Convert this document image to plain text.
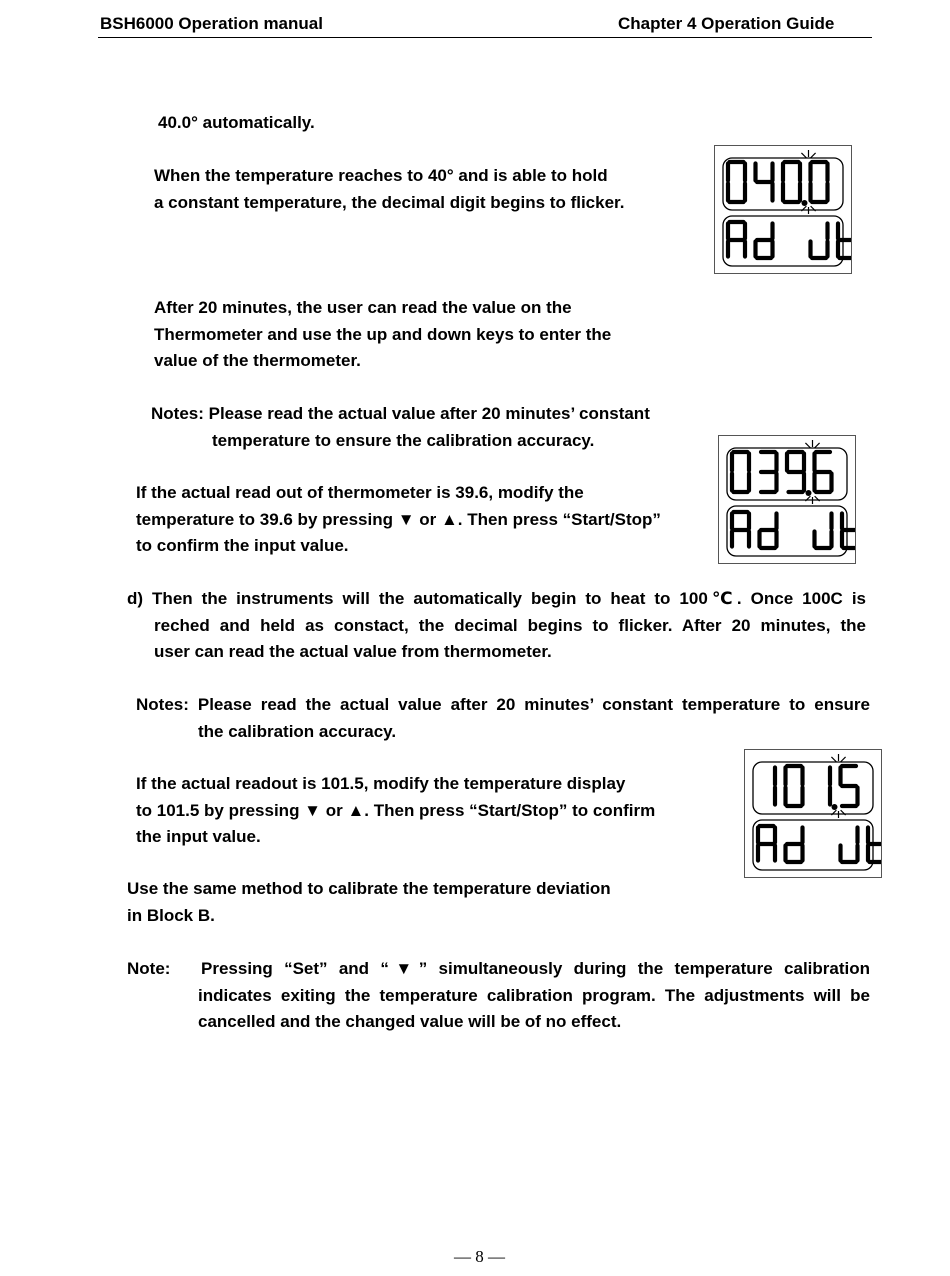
BSH6000 Operation manual	Chapter 4 Operation Guide
40.0° automatically.
When the temperature reaches to 40° and is able to hold
a constant temperature, the decimal digit begins to flicker.
After 20 minutes, the user can read the value on the
Thermometer and use the up and down keys to enter the
value of the thermometer.
Notes: Please read the actual value after 20 minutes’ constant
temperature to ensure the calibration accuracy.
If the actual read out of thermometer is 39.6, modify the
temperature to 39.6 by pressing ▼ or ▲. Then press “Start/Stop”
to confirm the input value.
d) Then the instruments will the automatically begin to heat to 100℃. Once 100C is
reched and held as constact, the decimal begins to flicker. After 20 minutes, the
user can read the actual value from thermometer.
Notes: Please read the actual value after 20 minutes’ constant temperature to ensure
the calibration accuracy.
If the actual readout is 101.5, modify the temperature display
to 101.5 by pressing ▼ or ▲. Then press “Start/Stop” to confirm
the input value.
Use the same method to calibrate the temperature deviation
in Block B.
Note: Pressing “Set” and “▼” simultaneously during the temperature calibration
indicates exiting the temperature calibration program. The adjustments will be
cancelled and the changed value will be of no effect.
— 8 —
